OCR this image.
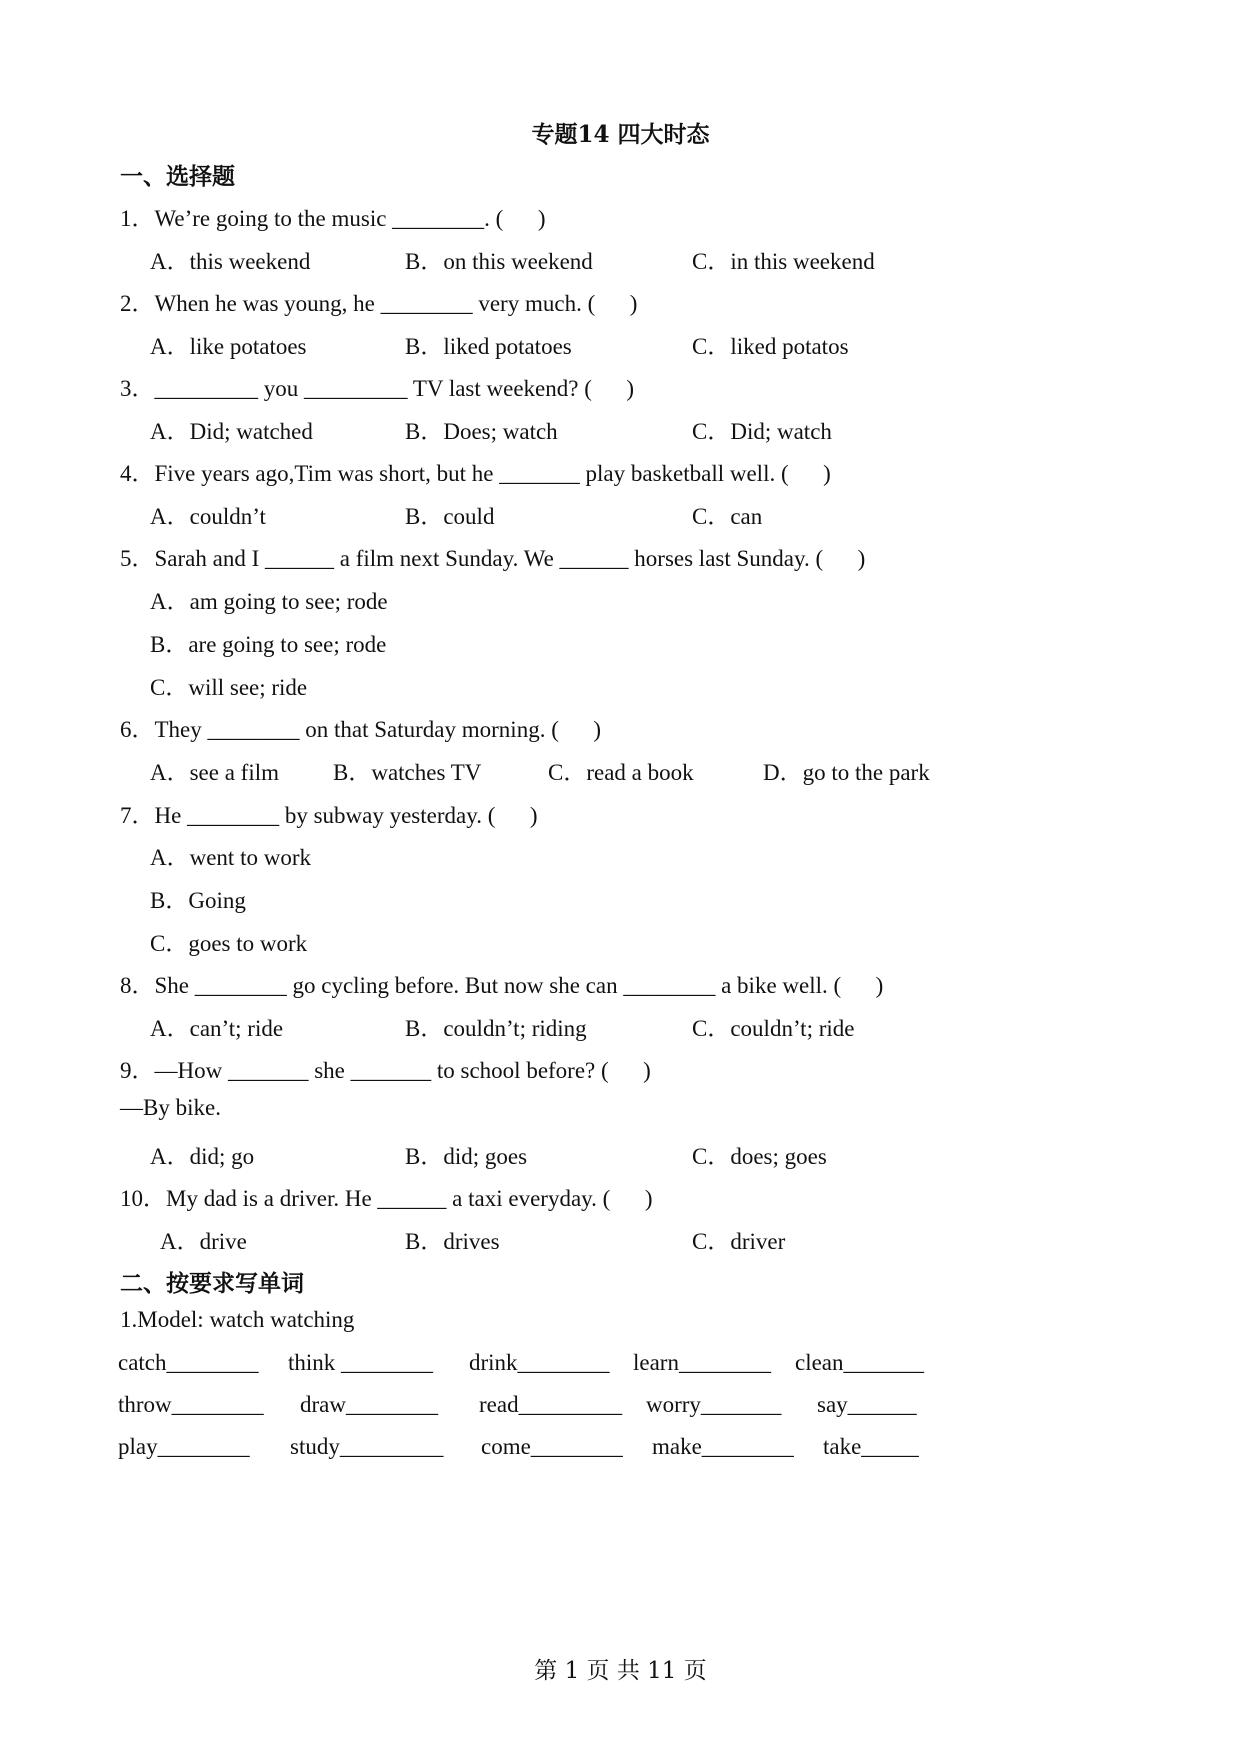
专题14 四大时态
一、选择题
1．We’re going to the music ________. (      )
A．this weekend	B．on this weekend	C．in this weekend
2．When he was young, he ________ very much. (      )
A．like potatoes	B．liked potatoes	C．liked potatos
3．_________ you _________ TV last weekend? (      )
A．Did; watched	B．Does; watch	C．Did; watch
4．Five years ago,Tim was short, but he _______ play basketball well. (      )
A．couldn’t	B．could	C．can
5．Sarah and I ______ a film next Sunday. We ______ horses last Sunday. (      )
A．am going to see; rode
B．are going to see; rode
C．will see; ride
6．They ________ on that Saturday morning. (      )
A．see a film B．watches TV	C．read a book	D．go to the park
7．He ________ by subway yesterday. (      )
A．went to work
B．Going
C．goes to work
8．She ________ go cycling before. But now she can ________ a bike well. (      )
A．can’t; ride	B．couldn’t; riding	C．couldn’t; ride
9．—How _______ she _______ to school before? (      )
—By bike.
A．did; go	B．did; goes	C．does; goes
10．My dad is a driver. He ______ a taxi everyday. (      )
A．drive	B．drives	C．driver
二、按要求写单词
1.Model: watch watching
catch________ think ________ drink________ learn________ clean_______
throw________ draw________ read_________ worry_______ say______
play________ study_________ come________ make________ take_____
第 1 页 共 11 页
